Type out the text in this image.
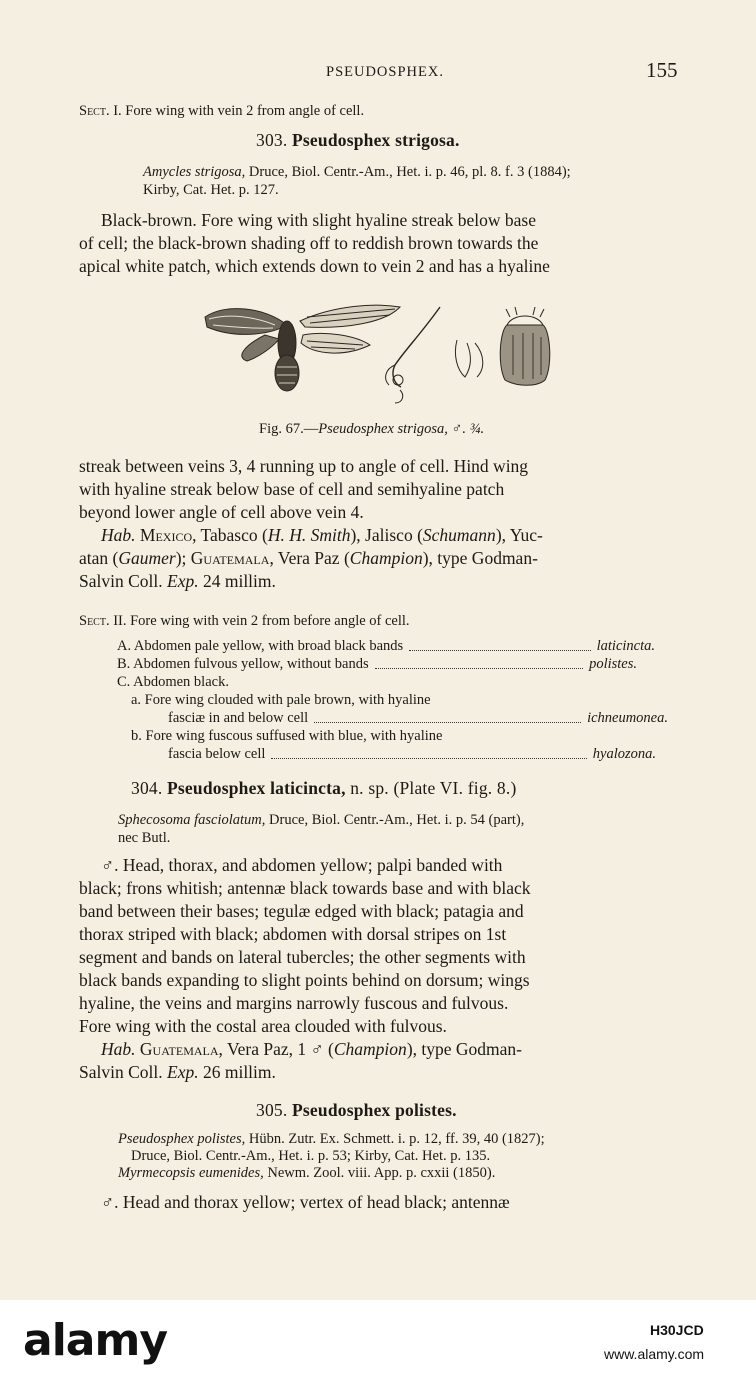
PSEUDOSPHEX.	155
Sect. I. Fore wing with vein 2 from angle of cell.
303. Pseudosphex strigosa.
Amycles strigosa, Druce, Biol. Centr.-Am., Het. i. p. 46, pl. 8. f. 3 (1884);
Kirby, Cat. Het. p. 127.
Black-brown. Fore wing with slight hyaline streak below base
of cell; the black-brown shading off to reddish brown towards the
apical white patch, which extends down to vein 2 and has a hyaline
Fig. 67.—Pseudosphex strigosa, ♂. ¾.
streak between veins 3, 4 running up to angle of cell. Hind wing
with hyaline streak below base of cell and semihyaline patch
beyond lower angle of cell above vein 4.
Hab. Mexico, Tabasco (H. H. Smith), Jalisco (Schumann), Yuc-
atan (Gaumer); Guatemala, Vera Paz (Champion), type Godman-
Salvin Coll. Exp. 24 millim.
Sect. II. Fore wing with vein 2 from before angle of cell.
A. Abdomen pale yellow, with broad black bands	laticincta.
B. Abdomen fulvous yellow, without bands	polistes.
C. Abdomen black.
a. Fore wing clouded with pale brown, with hyaline
fasciæ in and below cell	ichneumonea.
b. Fore wing fuscous suffused with blue, with hyaline
fascia below cell	hyalozona.
304. Pseudosphex laticincta, n. sp. (Plate VI. fig. 8.)
Sphecosoma fasciolatum, Druce, Biol. Centr.-Am., Het. i. p. 54 (part),
nec Butl.
♂. Head, thorax, and abdomen yellow; palpi banded with
black; frons whitish; antennæ black towards base and with black
band between their bases; tegulæ edged with black; patagia and
thorax striped with black; abdomen with dorsal stripes on 1st
segment and bands on lateral tubercles; the other segments with
black bands expanding to slight points behind on dorsum; wings
hyaline, the veins and margins narrowly fuscous and fulvous.
Fore wing with the costal area clouded with fulvous.
Hab. Guatemala, Vera Paz, 1 ♂ (Champion), type Godman-
Salvin Coll. Exp. 26 millim.
305. Pseudosphex polistes.
Pseudosphex polistes, Hübn. Zutr. Ex. Schmett. i. p. 12, ff. 39, 40 (1827);
Druce, Biol. Centr.-Am., Het. i. p. 53; Kirby, Cat. Het. p. 135.
Myrmecopsis eumenides, Newm. Zool. viii. App. p. cxxii (1850).
♂. Head and thorax yellow; vertex of head black; antennæ
alamy	H30JCD
www.alamy.com
